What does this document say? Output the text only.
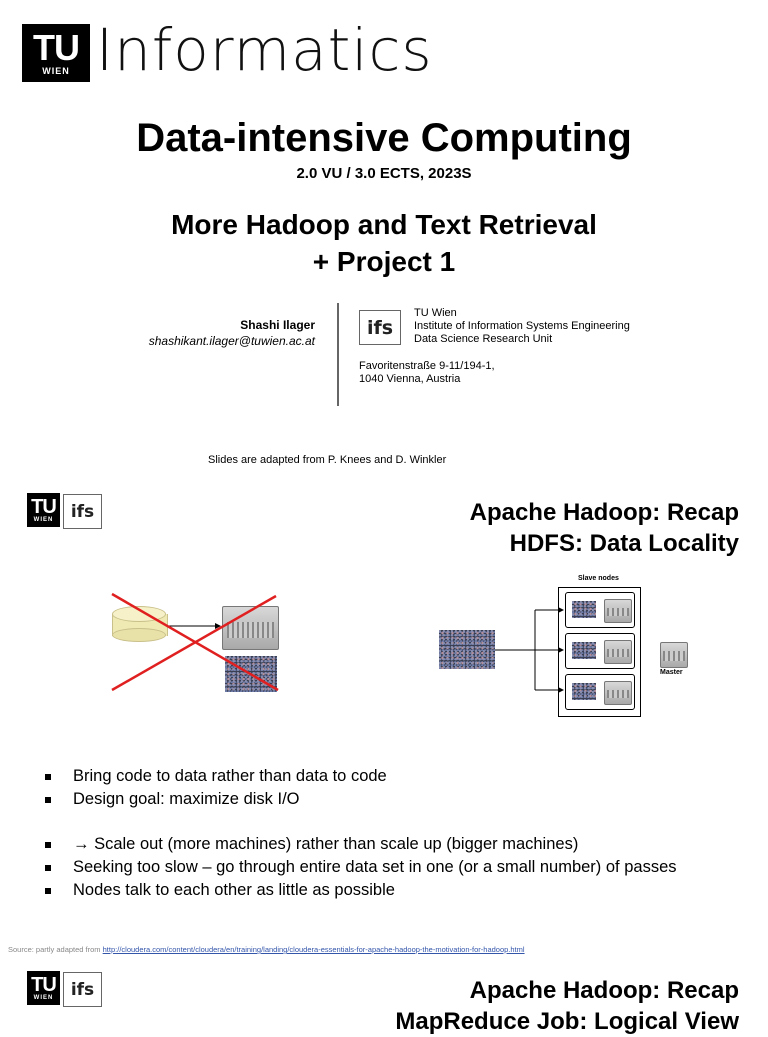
TU
WIEN Informatics
Data-intensive Computing
2.0 VU / 3.0 ECTS, 2023S
More Hadoop and Text Retrieval
+ Project 1
Shashi Ilager
shashikant.ilager@tuwien.ac.at
ifs
TU Wien
Institute of Information Systems Engineering
Data Science Research Unit
Favoritenstraße 9-11/194-1,
1040 Vienna, Austria
Slides are adapted from P. Knees and D. Winkler
TU
WIEN ifs	Apache Hadoop: Recap
HDFS: Data Locality
Slave nodes
Master
Bring code to data rather than data to code
Design goal: maximize disk I/O
→ Scale out (more machines) rather than scale up (bigger machines)
Seeking too slow – go through entire data set in one (or a small number) of passes
Nodes talk to each other as little as possible
Source: partly adapted from http://cloudera.com/content/cloudera/en/training/landing/cloudera-essentials-for-apache-hadoop-the-motivation-for-hadoop.html
TU
WIEN ifs	Apache Hadoop: Recap
MapReduce Job: Logical View
